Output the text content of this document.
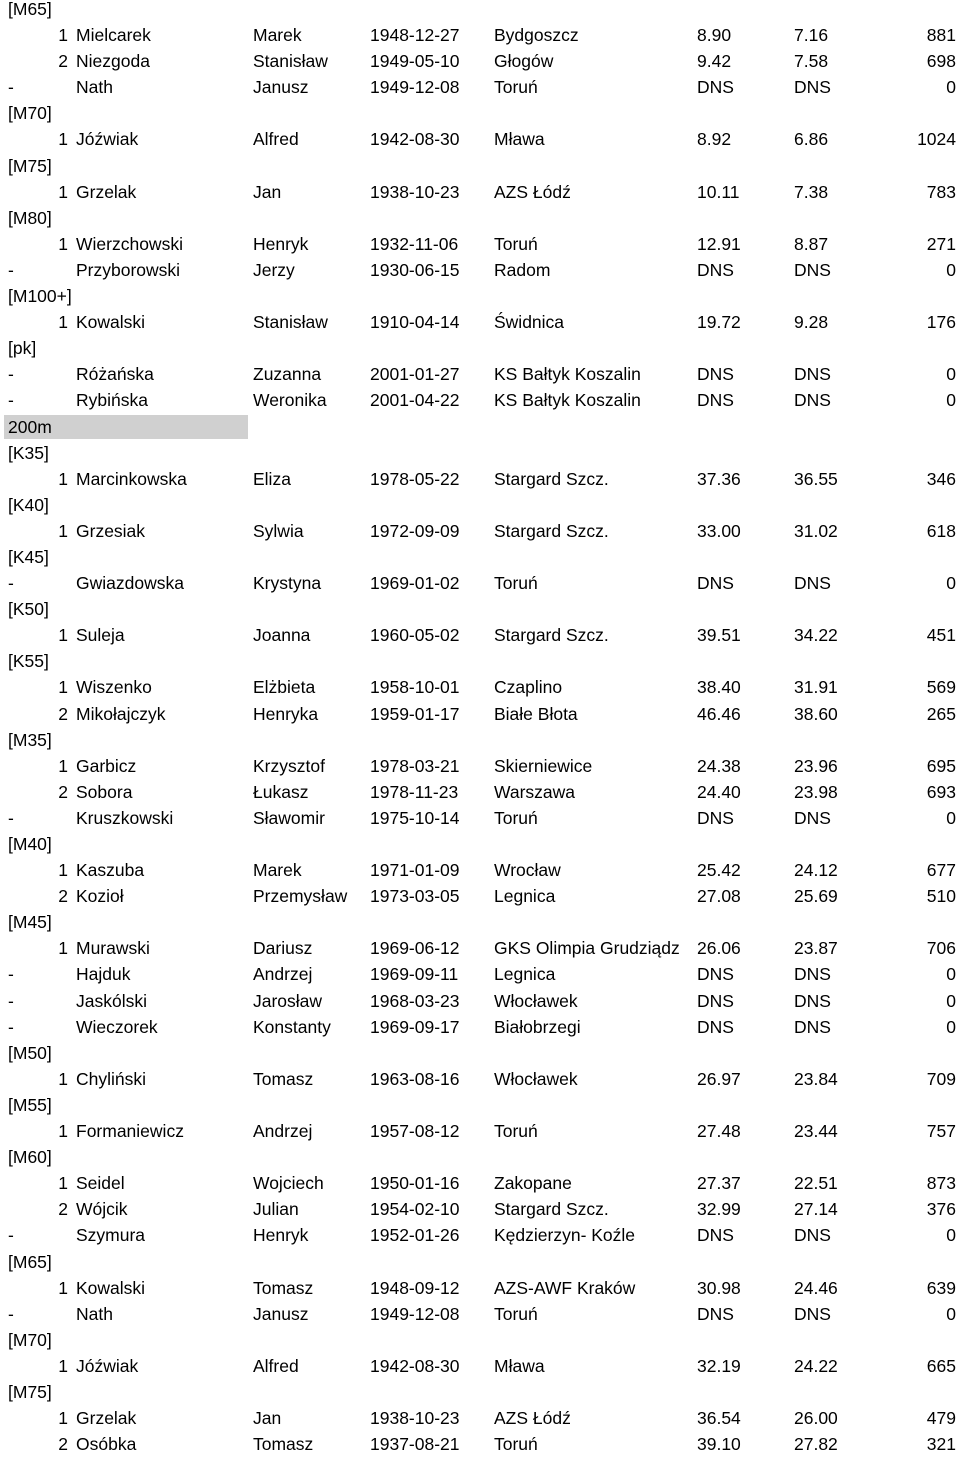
[M65]
1 Mielcarek	Marek	1948-12-27 Bydgoszcz	8.90	7.16	881
2 Niezgoda	Stanisław 1949-05-10 Głogów	9.42	7.58	698
-	Nath	Janusz	1949-12-08 Toruń	DNS	DNS	0
[M70]
1 Jóźwiak	Alfred	1942-08-30 Mława	8.92	6.86	1024
[M75]
1 Grzelak	Jan	1938-10-23 AZS Łódź	10.11	7.38	783
[M80]
1 Wierzchowski	Henryk	1932-11-06 Toruń	12.91	8.87	271
-	Przyborowski	Jerzy	1930-06-15 Radom	DNS	DNS	0
[M100+]
1 Kowalski	Stanisław 1910-04-14 Świdnica	19.72	9.28	176
[pk]
-	Różańska	Zuzanna	2001-01-27 KS Bałtyk Koszalin	DNS	DNS	0
-	Rybińska	Weronika 2001-04-22 KS Bałtyk Koszalin	DNS	DNS	0
200m
[K35]
1 Marcinkowska	Eliza	1978-05-22 Stargard Szcz.	37.36	36.55	346
[K40]
1 Grzesiak	Sylwia	1972-09-09 Stargard Szcz.	33.00	31.02	618
[K45]
-	Gwiazdowska	Krystyna	1969-01-02 Toruń	DNS	DNS	0
[K50]
1 Suleja	Joanna	1960-05-02 Stargard Szcz.	39.51	34.22	451
[K55]
1 Wiszenko	Elżbieta	1958-10-01 Czaplino	38.40	31.91	569
2 Mikołajczyk	Henryka	1959-01-17 Białe Błota	46.46	38.60	265
[M35]
1 Garbicz	Krzysztof	1978-03-21 Skierniewice	24.38	23.96	695
2 Sobora	Łukasz	1978-11-23 Warszawa	24.40	23.98	693
-	Kruszkowski	Sławomir	1975-10-14 Toruń	DNS	DNS	0
[M40]
1 Kaszuba	Marek	1971-01-09 Wrocław	25.42	24.12	677
2 Kozioł	Przemysław 1973-03-05 Legnica	27.08	25.69	510
[M45]
1 Murawski	Dariusz	1969-06-12 GKS Olimpia Grudziądz 26.06	23.87	706
-	Hajduk	Andrzej	1969-09-11 Legnica	DNS	DNS	0
-	Jaskólski	Jarosław	1968-03-23 Włocławek	DNS	DNS	0
-	Wieczorek	Konstanty 1969-09-17 Białobrzegi	DNS	DNS	0
[M50]
1 Chyliński	Tomasz	1963-08-16 Włocławek	26.97	23.84	709
[M55]
1 Formaniewicz	Andrzej	1957-08-12 Toruń	27.48	23.44	757
[M60]
1 Seidel	Wojciech	1950-01-16 Zakopane	27.37	22.51	873
2 Wójcik	Julian	1954-02-10 Stargard Szcz.	32.99	27.14	376
-	Szymura	Henryk	1952-01-26 Kędzierzyn- Koźle	DNS	DNS	0
[M65]
1 Kowalski	Tomasz	1948-09-12 AZS-AWF Kraków	30.98	24.46	639
-	Nath	Janusz	1949-12-08 Toruń	DNS	DNS	0
[M70]
1 Jóźwiak	Alfred	1942-08-30 Mława	32.19	24.22	665
[M75]
1 Grzelak	Jan	1938-10-23 AZS Łódź	36.54	26.00	479
2 Osóbka	Tomasz	1937-08-21 Toruń	39.10	27.82	321
